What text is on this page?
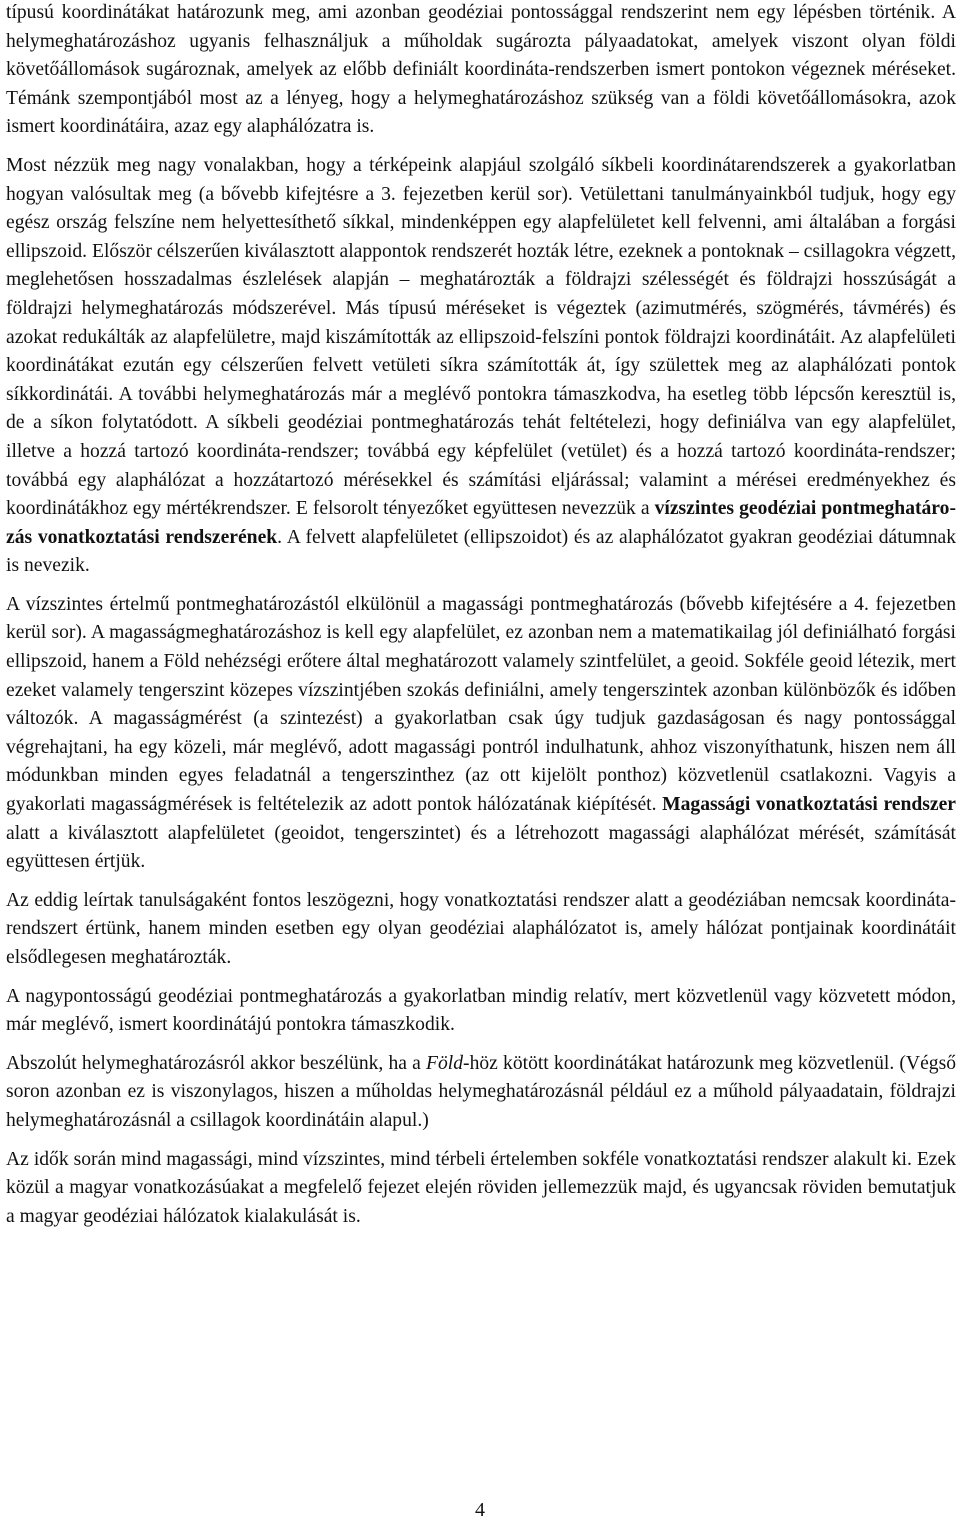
típusú koordinátákat határozunk meg, ami azonban geodéziai pontossággal rendszerint nem egy lépésben történik. A helymeghatározáshoz ugyanis felhasználjuk a műholdak sugározta pályaadatokat, amelyek viszont olyan földi követőállomások sugároznak, amelyek az előbb definiált koordináta-rendszerben ismert pontokon végeznek méréseket. Témánk szempontjából most az a lényeg, hogy a helymeghatározáshoz szükség van a földi követőállomásokra, azok ismert koordinátáira, azaz egy alaphálózatra is.

Most nézzük meg nagy vonalakban, hogy a térképeink alapjául szolgáló síkbeli koordinátarendszerek a gyakorlatban hogyan valósultak meg (a bővebb kifejtésre a 3. fejezetben kerül sor). Vetülettani tanulmányainkból tudjuk, hogy egy egész ország felszíne nem helyettesíthető síkkal, mindenképpen egy alapfelületet kell felvenni, ami általában a forgási ellipszoid. Először célszerűen kiválasztott alappontok rendszerét hozták létre, ezeknek a pontoknak – csillagokra végzett, meglehetősen hosszadalmas észlelések alapján – meghatározták a földrajzi szélességét és földrajzi hosszúságát a földrajzi helymeghatározás módszerével. Más típusú méréseket is végeztek (azimutmérés, szögmérés, távmérés) és azokat redukálták az alapfelületre, majd kiszámították az ellipszoid-felszíni pontok földrajzi koordinátáit. Az alapfelületi koordinátákat ezután egy célszerűen felvett vetületi síkra számították át, így születtek meg az alaphálózati pontok síkkordinátái. A további helymeghatározás már a meglévő pontokra támaszkodva, ha esetleg több lépcsőn keresztül is, de a síkon folytatódott. A síkbeli geodéziai pontmeghatározás tehát feltételezi, hogy definiálva van egy alapfelület, illetve a hozzá tartozó koordináta-rendszer; továbbá egy képfelület (vetület) és a hozzá tartozó koordináta-rendszer; továbbá egy alaphálózat a hozzátartozó mérésekkel és számítási eljárással; valamint a mérései eredményekhez és koordinátákhoz egy mértékrendszer. E felsorolt tényezőket együttesen nevezzük a vízszintes geodéziai pontmeghatározás vonatkoztatási rendszerének. A felvett alapfelületet (ellipszoidot) és az alaphálózatot gyakran geodéziai dátumnak is nevezik.

A vízszintes értelmű pontmeghatározástól elkülönül a magassági pontmeghatározás (bővebb kifejtésére a 4. fejezetben kerül sor). A magasságmeghatározáshoz is kell egy alapfelület, ez azonban nem a matematikailag jól definiálható forgási ellipszoid, hanem a Föld nehézségi erőtere által meghatározott valamely szintfelület, a geoid. Sokféle geoid létezik, mert ezeket valamely tengerszint közepes vízszintjében szokás definiálni, amely tengerszintek azonban különbözők és időben változók. A magasságmérést (a szintezést) a gyakorlatban csak úgy tudjuk gazdaságosan és nagy pontossággal végrehajtani, ha egy közeli, már meglévő, adott magassági pontról indulhatunk, ahhoz viszonyíthatunk, hiszen nem áll módunkban minden egyes feladatnál a tengerszinthez (az ott kijelölt ponthoz) közvetlenül csatlakozni. Vagyis a gyakorlati magasságmérések is feltételezik az adott pontok hálózatának kiépítését. Magassági vonatkoztatási rendszer alatt a kiválasztott alapfelületet (geoidot, tengerszintet) és a létrehozott magassági alaphálózat mérését, számítását együttesen értjük.

Az eddig leírtak tanulságaként fontos leszögezni, hogy vonatkoztatási rendszer alatt a geodéziában nemcsak koordináta-rendszert értünk, hanem minden esetben egy olyan geodéziai alaphálózatot is, amely hálózat pontjainak koordinátáit elsődlegesen meghatározták.

A nagypontosságú geodéziai pontmeghatározás a gyakorlatban mindig relatív, mert közvetlenül vagy közvetett módon, már meglévő, ismert koordinátájú pontokra támaszkodik.

Abszolút helymeghatározásról akkor beszélünk, ha a Föld-höz kötött koordinátákat határozunk meg közvetlenül. (Végső soron azonban ez is viszonylagos, hiszen a műholdas helymeghatározásnál például ez a műhold pályaadatain, földrajzi helymeghatározásnál a csillagok koordinátáin alapul.)

Az idők során mind magassági, mind vízszintes, mind térbeli értelemben sokféle vonatkoztatási rendszer alakult ki. Ezek közül a magyar vonatkozásúakat a megfelelő fejezet elején röviden jellemezzük majd, és ugyancsak röviden bemutatjuk a magyar geodéziai hálózatok kialakulását is.

4
